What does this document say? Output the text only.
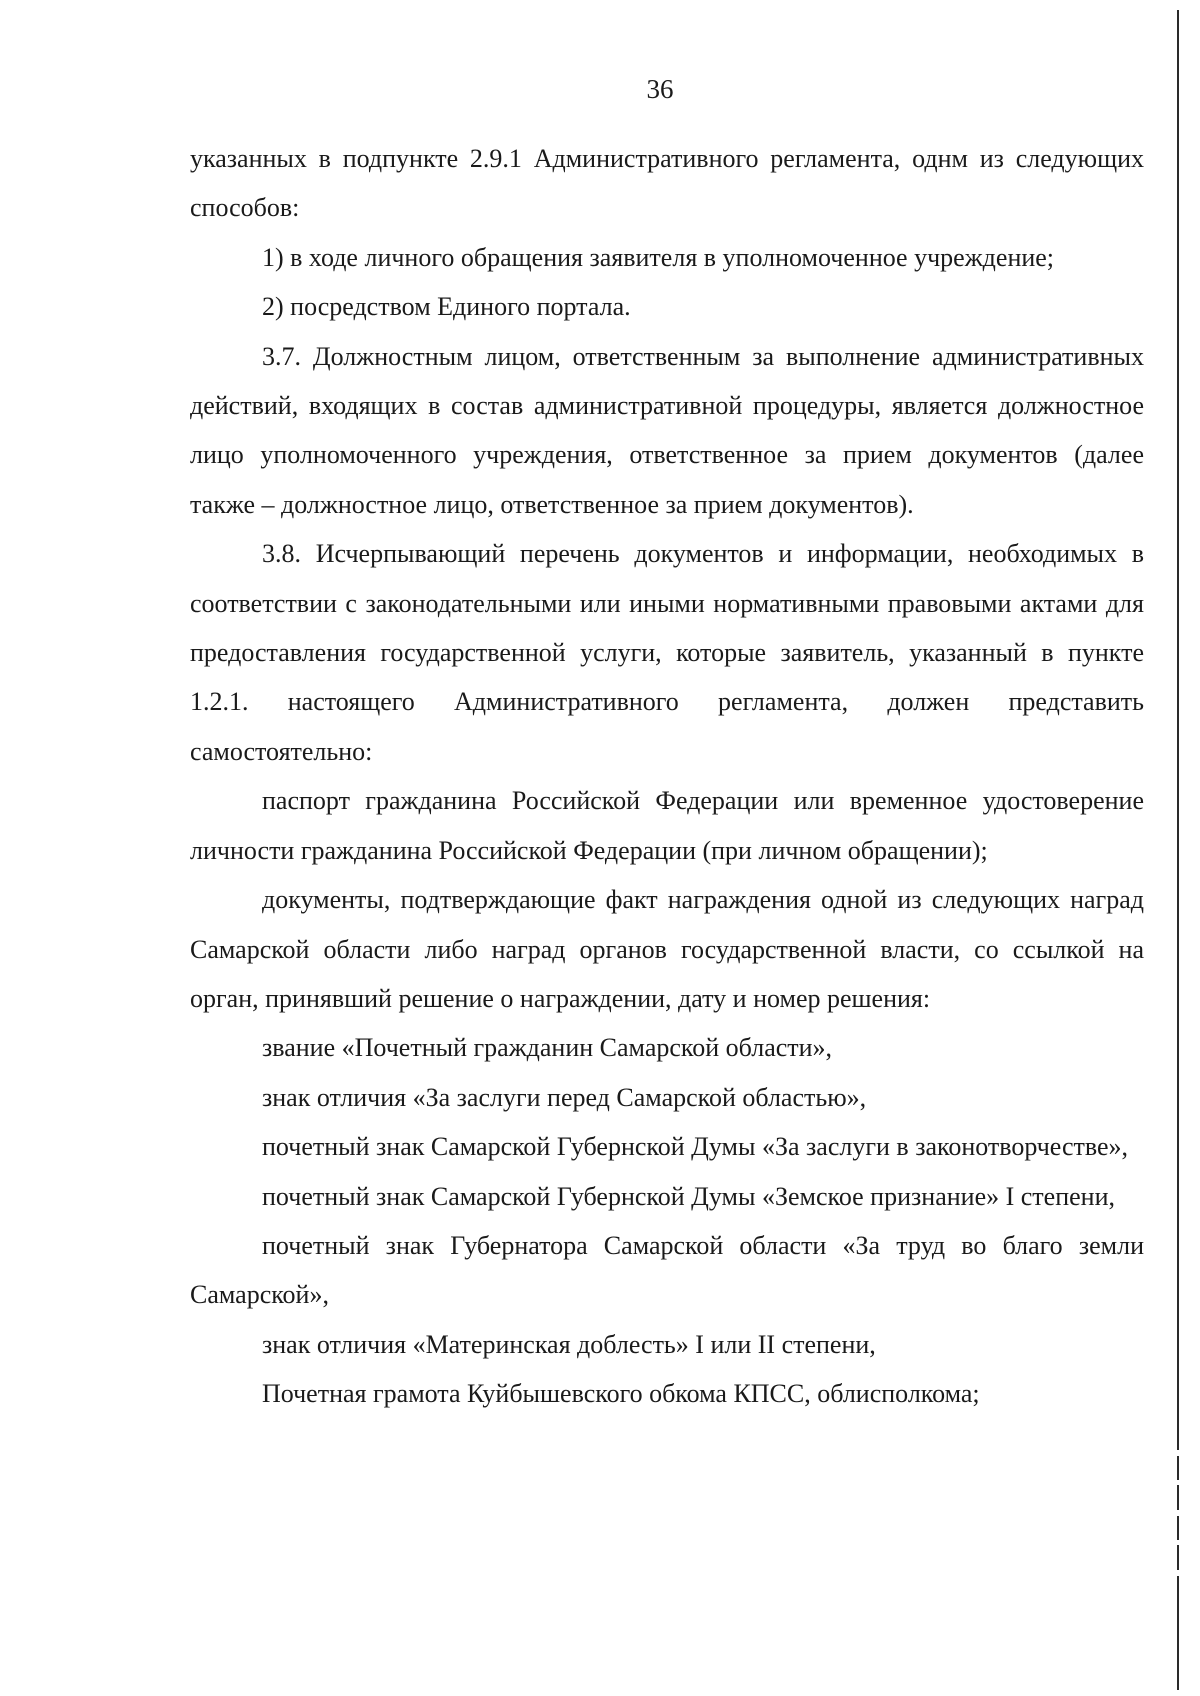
36

указанных в подпункте 2.9.1 Административного регламента, однм из следующих способов:

1) в ходе личного обращения заявителя в уполномоченное учреждение;

2) посредством Единого портала.

3.7. Должностным лицом, ответственным за выполнение административных действий, входящих в состав административной процедуры, является должностное лицо уполномоченного учреждения, ответственное за прием документов (далее также – должностное лицо, ответственное за прием документов).

3.8. Исчерпывающий перечень документов и информации, необходимых в соответствии с законодательными или иными нормативными правовыми актами для предоставления государственной услуги, которые заявитель, указанный в пункте 1.2.1. настоящего Административного регламента, должен представить самостоятельно:

паспорт гражданина Российской Федерации или временное удостоверение личности гражданина Российской Федерации (при личном обращении);

документы, подтверждающие факт награждения одной из следующих наград Самарской области либо наград органов государственной власти, со ссылкой на орган, принявший решение о награждении, дату и номер решения:

звание «Почетный гражданин Самарской области»,

знак отличия «За заслуги перед Самарской областью»,

почетный знак Самарской Губернской Думы «За заслуги в законотворчестве»,

почетный знак Самарской Губернской Думы «Земское признание» I степени,

почетный знак Губернатора Самарской области «За труд во благо земли Самарской»,

знак отличия «Материнская доблесть» I или II степени,

Почетная грамота Куйбышевского обкома КПСС, облисполкома;
